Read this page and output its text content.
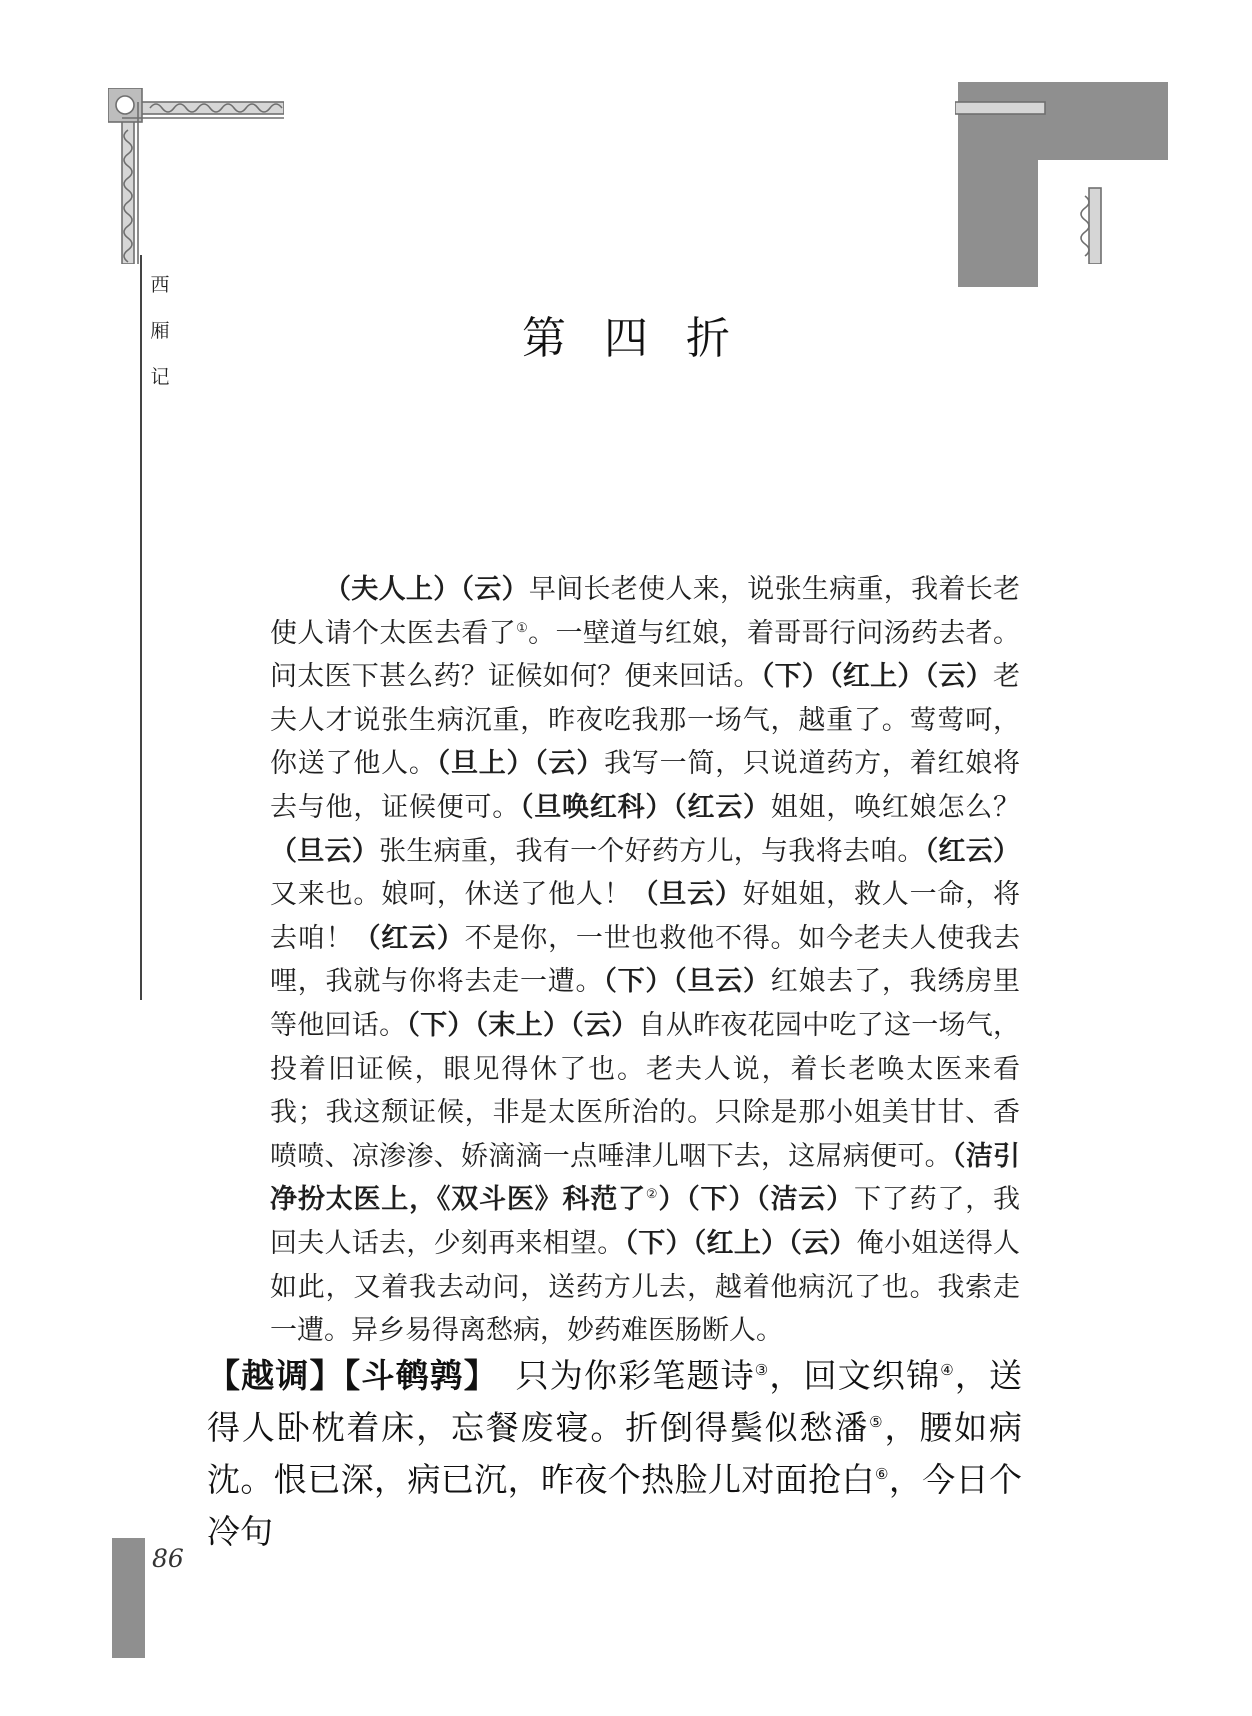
西
厢
记
第四折

（夫人上）（云）早间长老使人来，说张生病重，我着长老使人请个太医去看了①。一壁道与红娘，着哥哥行问汤药去者。问太医下甚么药？证候如何？便来回话。（下）（红上）（云）老夫人才说张生病沉重，昨夜吃我那一场气，越重了。莺莺呵，你送了他人。（旦上）（云）我写一简，只说道药方，着红娘将去与他，证候便可。（旦唤红科）（红云）姐姐，唤红娘怎么？（旦云）张生病重，我有一个好药方儿，与我将去咱。（红云）又来也。娘呵，休送了他人！（旦云）好姐姐，救人一命，将去咱！（红云）不是你，一世也救他不得。如今老夫人使我去哩，我就与你将去走一遭。（下）（旦云）红娘去了，我绣房里等他回话。（下）（末上）（云）自从昨夜花园中吃了这一场气，投着旧证候，眼见得休了也。老夫人说，着长老唤太医来看我；我这颓证候，非是太医所治的。只除是那小姐美甘甘、香喷喷、凉渗渗、娇滴滴一点唾津儿咽下去，这屌病便可。（洁引净扮太医上，《双斗医》科范了②）（下）（洁云）下了药了，我回夫人话去，少刻再来相望。（下）（红上）（云）俺小姐送得人如此，又着我去动问，送药方儿去，越着他病沉了也。我索走一遭。异乡易得离愁病，妙药难医肠断人。

【越调】【斗鹌鹑】　只为你彩笔题诗③，回文织锦④，送得人卧枕着床，忘餐废寝。折倒得鬓似愁潘⑤，腰如病沈。恨已深，病已沉，昨夜个热脸儿对面抢白⑥，今日个冷句

86
